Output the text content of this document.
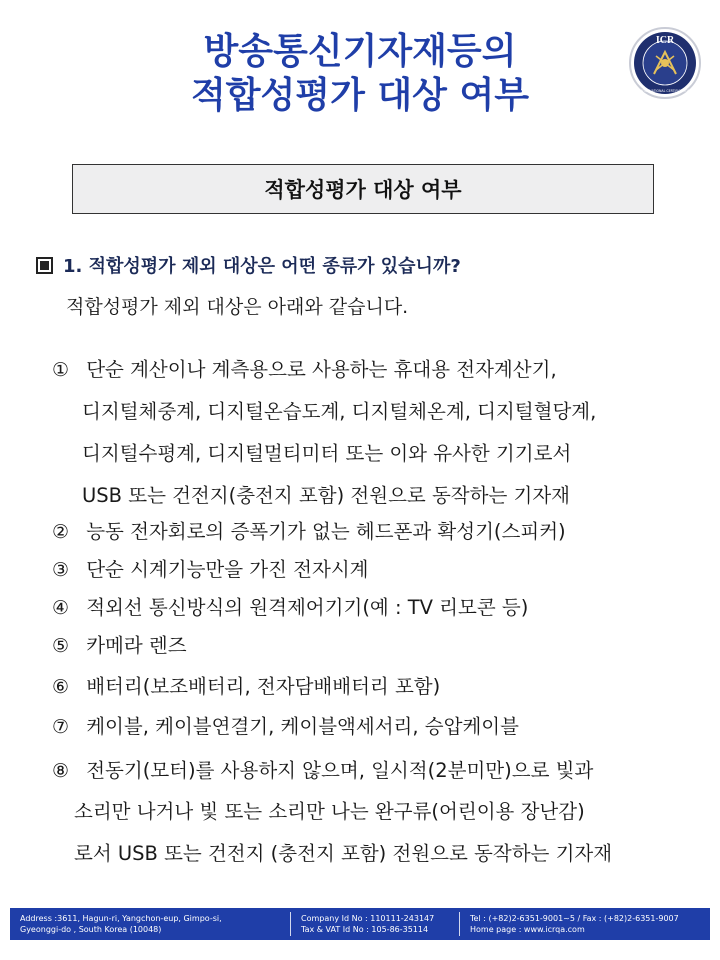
방송통신기자재등의
적합성평가 대상 여부
ICR
INTERNATIONAL CERTIFICATION
적합성평가 대상 여부
1. 적합성평가 제외 대상은 어떤 종류가 있습니까?
적합성평가 제외 대상은 아래와 같습니다.
① 단순 계산이나 계측용으로 사용하는 휴대용 전자계산기,
디지털체중계, 디지털온습도계, 디지털체온계, 디지털혈당계,
디지털수평계, 디지털멀티미터 또는 이와 유사한 기기로서
USB 또는 건전지(충전지 포함) 전원으로 동작하는 기자재
② 능동 전자회로의 증폭기가 없는 헤드폰과 확성기(스피커)
③ 단순 시계기능만을 가진 전자시계
④ 적외선 통신방식의 원격제어기기(예 : TV 리모콘 등)
⑤ 카메라 렌즈
⑥ 배터리(보조배터리, 전자담배배터리 포함)
⑦ 케이블, 케이블연결기, 케이블액세서리, 승압케이블
⑧ 전동기(모터)를 사용하지 않으며, 일시적(2분미만)으로 빛과
소리만 나거나 빛 또는 소리만 나는 완구류(어린이용 장난감)
로서 USB 또는 건전지 (충전지 포함) 전원으로 동작하는 기자재
Address :3611, Hagun-ri, Yangchon-eup, Gimpo-si,
Gyeonggi-do , South Korea (10048)
Company Id No : 110111-243147
Tax & VAT Id No : 105-86-35114
Tel : (+82)2-6351-9001~5 / Fax : (+82)2-6351-9007
Home page : www.icrqa.com
